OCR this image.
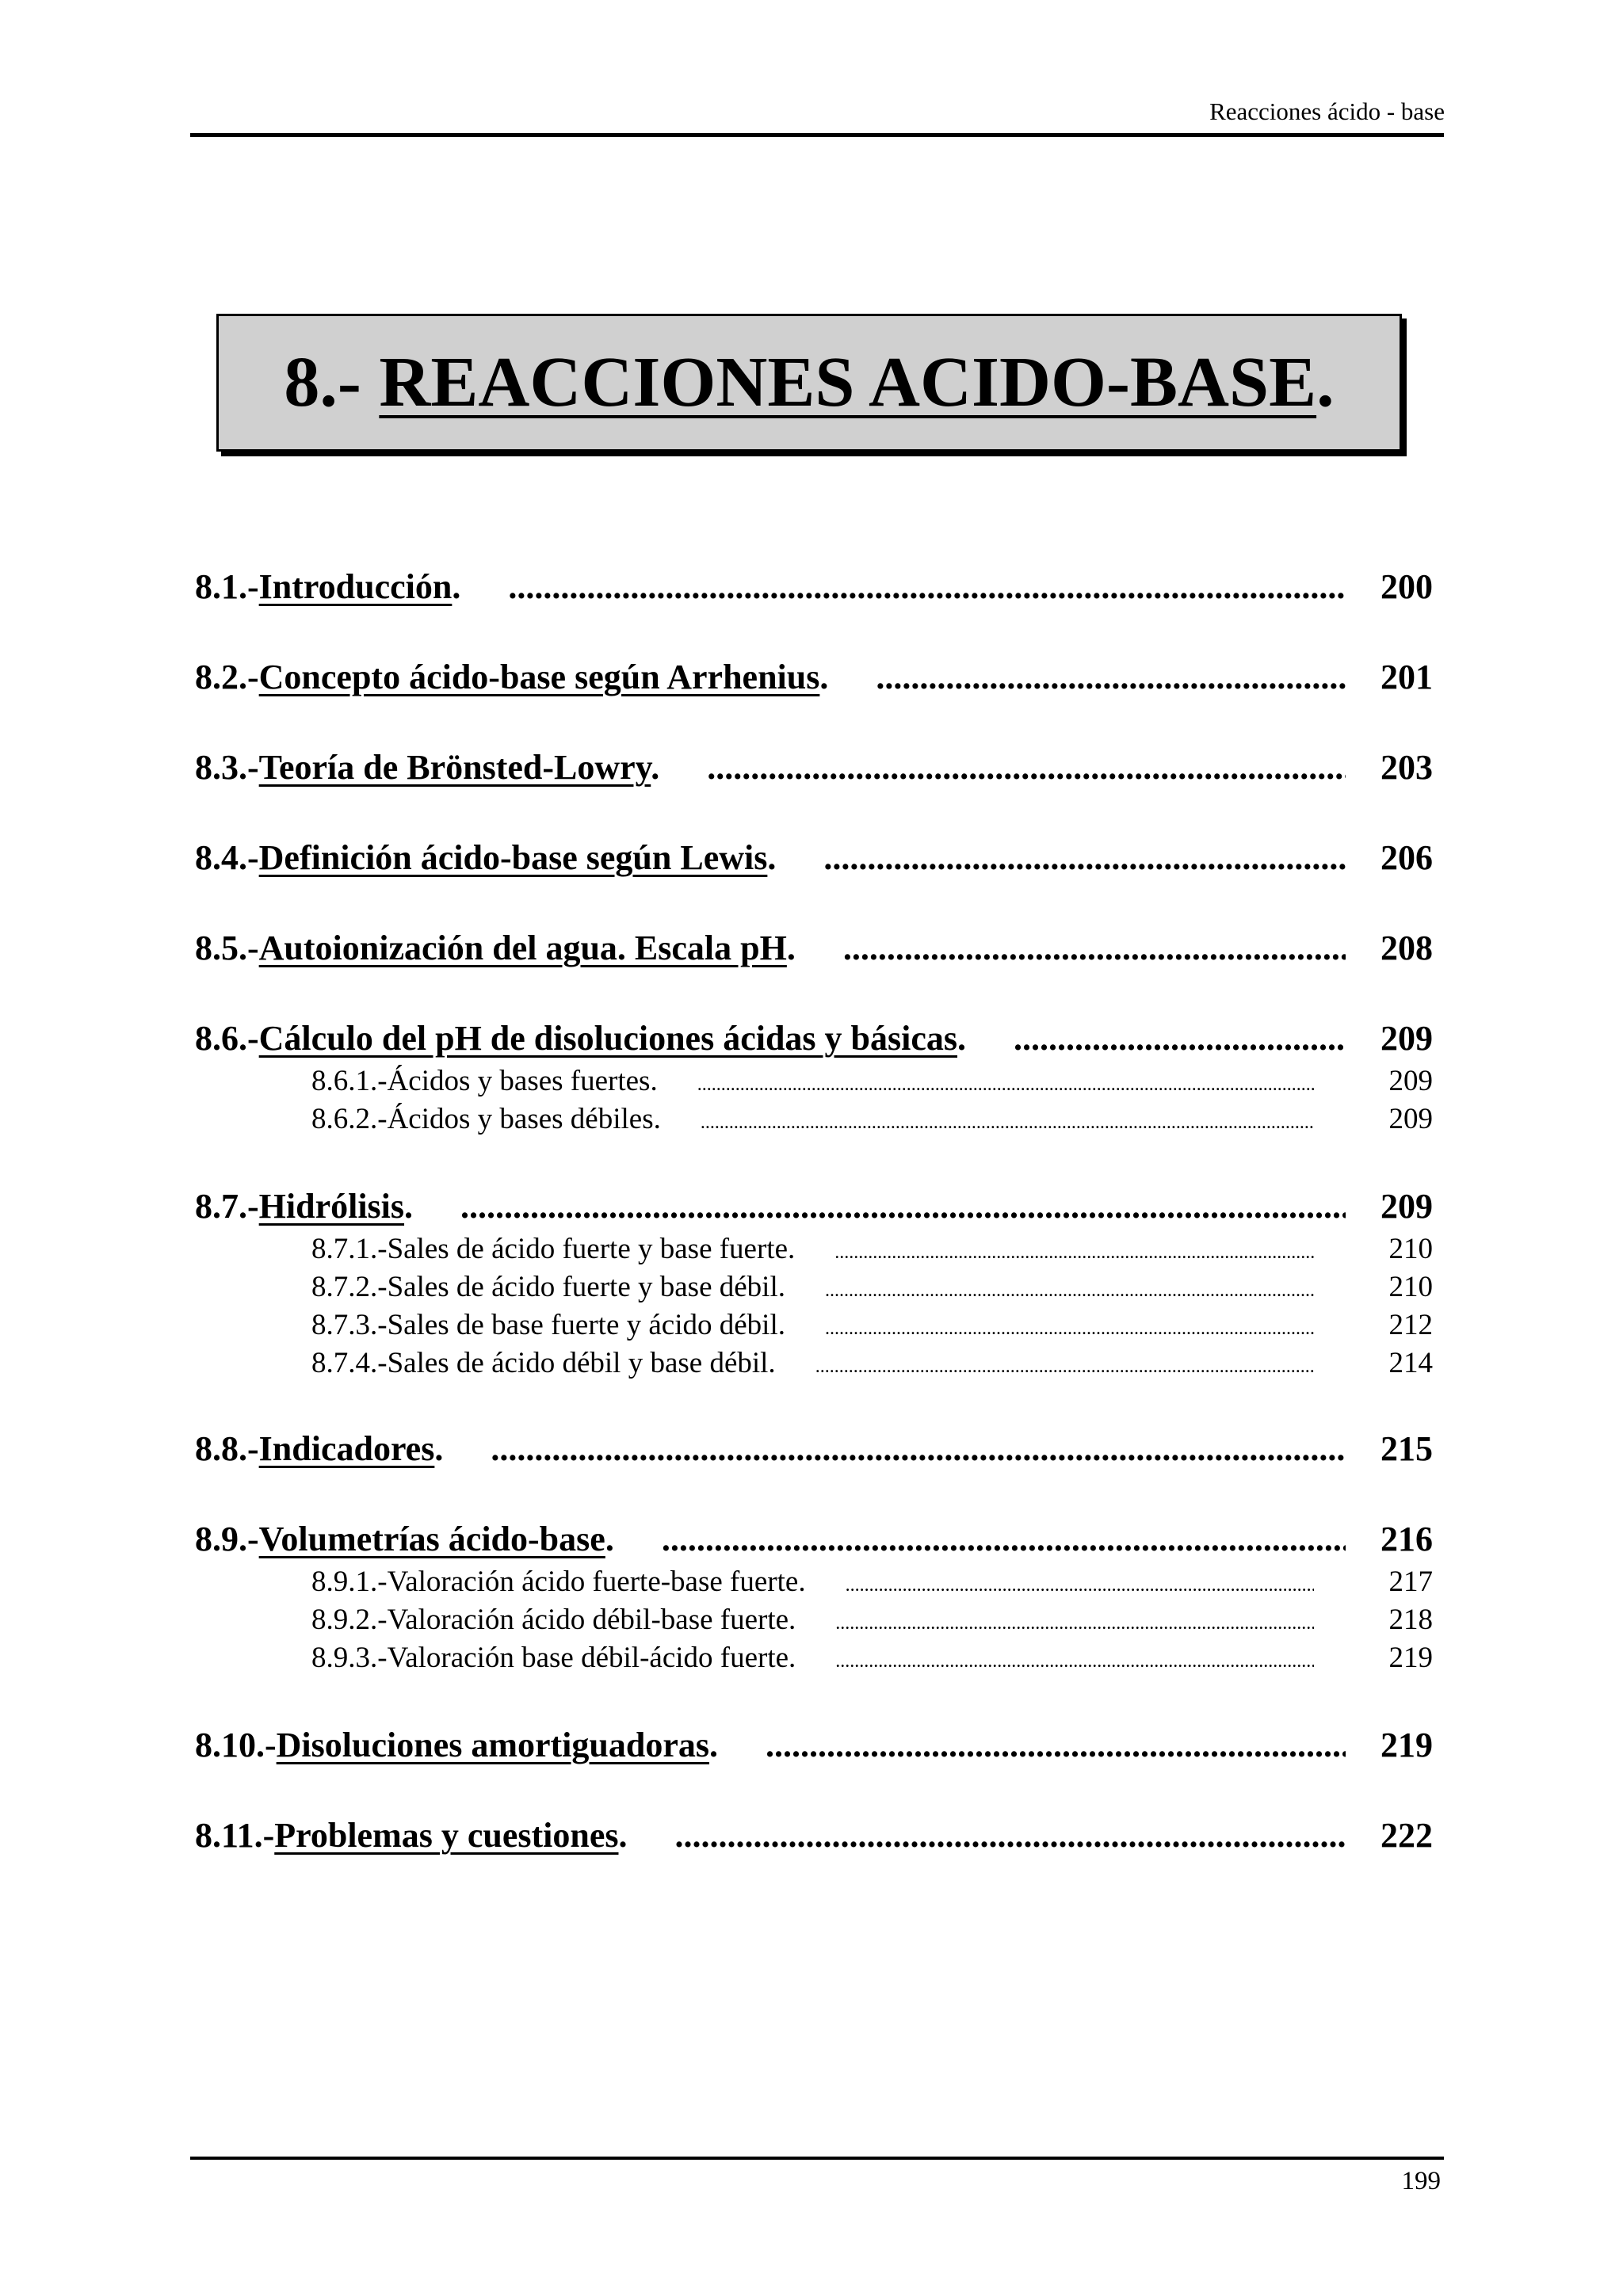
Reacciones ácido - base
8.- REACCIONES ACIDO-BASE.
8.1.- Introducción. .....	200
8.2.- Concepto ácido-base según Arrhenius. .....	201
8.3.- Teoría de Brönsted-Lowry. .....	203
8.4.- Definición ácido-base según Lewis. .....	206
8.5.- Autoionización del agua. Escala pH. .....	208
8.6.- Cálculo del pH de disoluciones ácidas y básicas. .....	209
8.6.1.- Ácidos y bases fuertes. .....	209
8.6.2.- Ácidos y bases débiles. .....	209
8.7.- Hidrólisis. .....	209
8.7.1.- Sales de ácido fuerte y base fuerte. .....	210
8.7.2.- Sales de ácido fuerte y base débil. .....	210
8.7.3.- Sales de base fuerte y ácido débil. .....	212
8.7.4.- Sales de ácido débil y base débil. .....	214
8.8.- Indicadores. .....	215
8.9.- Volumetrías ácido-base. .....	216
8.9.1.- Valoración ácido fuerte-base fuerte. .....	217
8.9.2.- Valoración ácido débil-base fuerte. .....	218
8.9.3.- Valoración base débil-ácido fuerte. .....	219
8.10.- Disoluciones amortiguadoras. .....	219
8.11.- Problemas y cuestiones. .....	222
199
